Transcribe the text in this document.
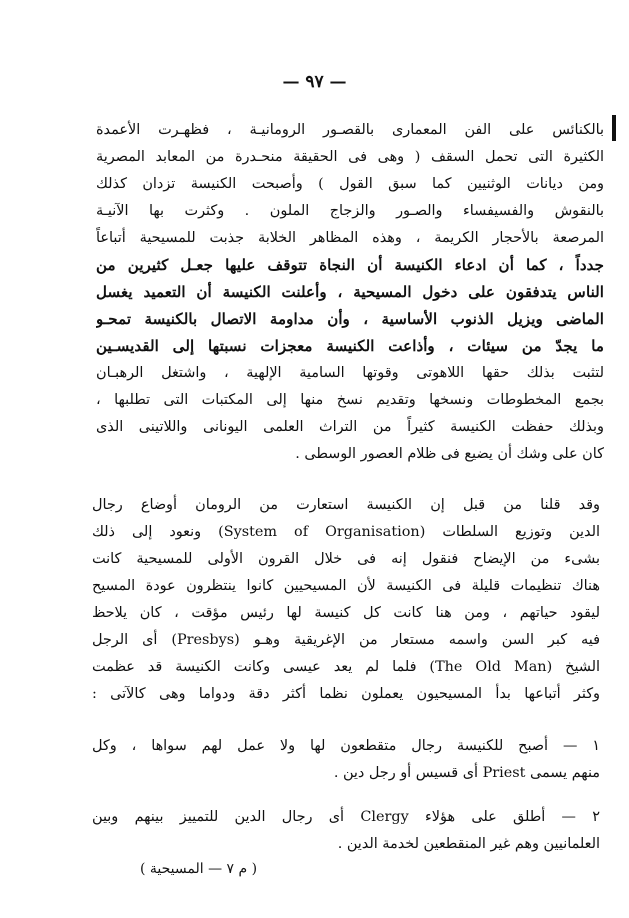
— ٩٧ —
بالكنائس على الفن المعمارى بالقصـور الرومانيـة ، فظهـرت الأعمدة
الكثيرة التى تحمل السقف ( وهى فى الحقيقة منحـدرة من المعابد المصرية
ومن ديانات الوثنيين كما سبق القول ) وأصبحت الكنيسة تزدان كذلك
بالنقوش والفسيفساء والصـور والزجاج الملون . وكثرت بها الآنيـة
المرصعة بالأحجار الكريمة ، وهذه المظاهر الخلابة جذبت للمسيحية أتباعاً
جدداً ، كما أن ادعاء الكنيسة أن النجاة تتوقف عليها جعـل كثيرين من
الناس يتدفقون على دخول المسيحية ، وأعلنت الكنيسة أن التعميد يغسل
الماضى ويزيل الذنوب الأساسية ، وأن مداومة الاتصال بالكنيسة تمحـو
ما يجدّ من سيئات ، وأذاعت الكنيسة معجزات نسبتها إلى القديسـين
لتثبت بذلك حقها اللاهوتى وقوتها السامية الإلهية ، واشتغل الرهبـان
بجمع المخطوطات ونسخها وتقديم نسخ منها إلى المكتبات التى تطلبها ،
وبذلك حفظت الكنيسة كثيراً من التراث العلمى اليونانى واللاتينى الذى
كان على وشك أن يضيع فى ظلام العصور الوسطى .
وقد قلنا من قبل إن الكنيسة استعارت من الرومان أوضاع رجال
الدين وتوزيع السلطات (System of Organisation) ونعود إلى ذلك
بشىء من الإيضاح فنقول إنه فى خلال القرون الأولى للمسيحية كانت
هناك تنظيمات قليلة فى الكنيسة لأن المسيحيين كانوا ينتظرون عودة المسيح
ليقود حياتهم ، ومن هنا كانت كل كنيسة لها رئيس مؤقت ، كان يلاحظ
فيه كبر السن واسمه مستعار من الإغريقية وهـو (Presbys) أى الرجل
الشيخ (The Old Man) فلما لم يعد عيسى وكانت الكنيسة قد عظمت
وكثر أتباعها بدأ المسيحيون يعملون نظما أكثر دقة ودواما وهى كالآتى :
١ — أصبح للكنيسة رجال متقطعون لها ولا عمل لهم سواها ، وكل
منهم يسمى Priest أى قسيس أو رجل دين .
٢ — أطلق على هؤلاء Clergy أى رجال الدين للتمييز بينهم وبين
العلمانيين وهم غير المنقطعين لخدمة الدين .
( م ٧ — المسيحية )
